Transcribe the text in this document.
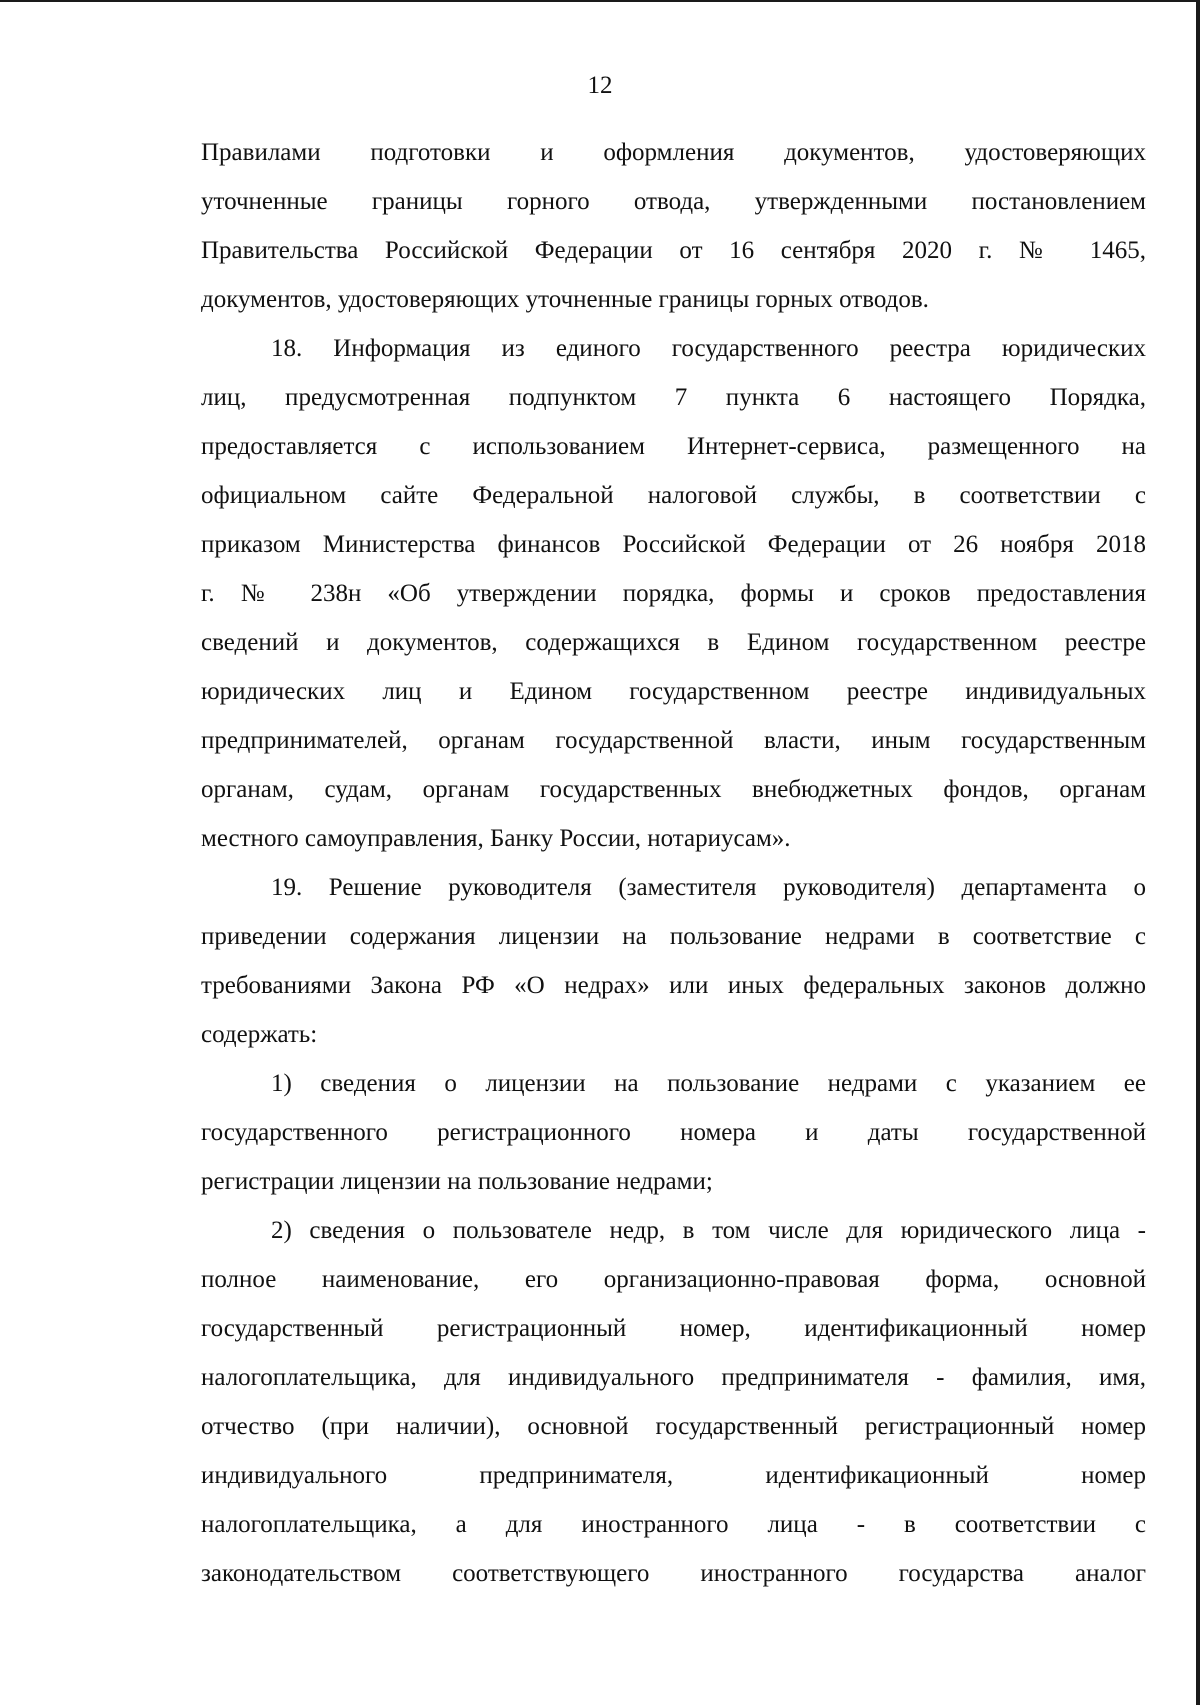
12

Правилами подготовки и оформления документов, удостоверяющих
уточненные границы горного отвода, утвержденными постановлением
Правительства Российской Федерации от 16 сентября 2020 г. № 1465,
документов, удостоверяющих уточненные границы горных отводов.

18. Информация из единого государственного реестра юридических
лиц, предусмотренная подпунктом 7 пункта 6 настоящего Порядка,
предоставляется с использованием Интернет-сервиса, размещенного на
официальном сайте Федеральной налоговой службы, в соответствии с
приказом Министерства финансов Российской Федерации от 26 ноября 2018
г. № 238н «Об утверждении порядка, формы и сроков предоставления
сведений и документов, содержащихся в Едином государственном реестре
юридических лиц и Едином государственном реестре индивидуальных
предпринимателей, органам государственной власти, иным государственным
органам, судам, органам государственных внебюджетных фондов, органам
местного самоуправления, Банку России, нотариусам».

19. Решение руководителя (заместителя руководителя) департамента о
приведении содержания лицензии на пользование недрами в соответствие с
требованиями Закона РФ «О недрах» или иных федеральных законов должно
содержать:

1) сведения о лицензии на пользование недрами с указанием ее
государственного регистрационного номера и даты государственной
регистрации лицензии на пользование недрами;

2) сведения о пользователе недр, в том числе для юридического лица -
полное наименование, его организационно-правовая форма, основной
государственный регистрационный номер, идентификационный номер
налогоплательщика, для индивидуального предпринимателя - фамилия, имя,
отчество (при наличии), основной государственный регистрационный номер
индивидуального предпринимателя, идентификационный номер
налогоплательщика, а для иностранного лица - в соответствии с
законодательством соответствующего иностранного государства аналог
